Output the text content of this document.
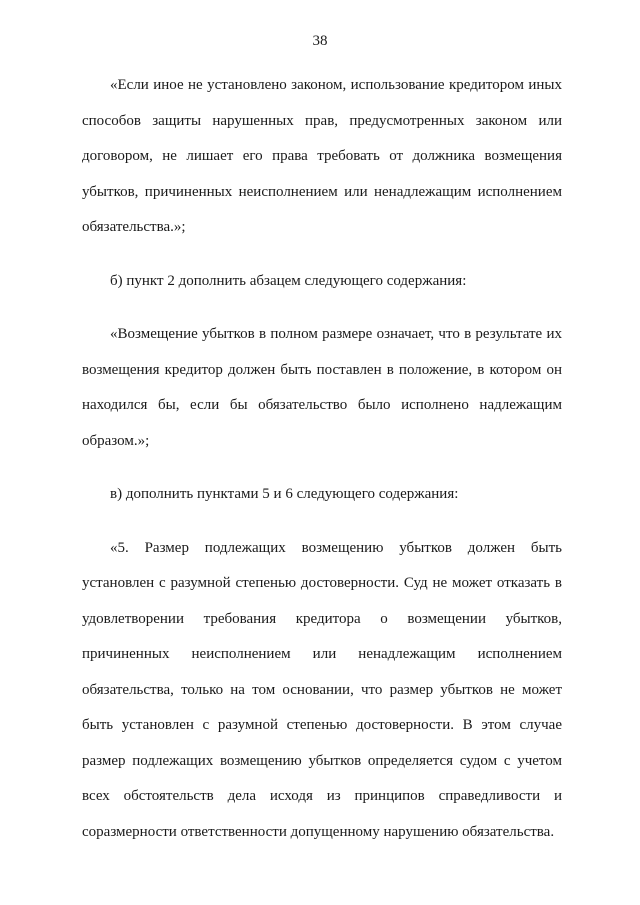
38

«Если иное не установлено законом, использование кредитором иных способов защиты нарушенных прав, предусмотренных законом или договором, не лишает его права требовать от должника возмещения убытков, причиненных неисполнением или ненадлежащим исполнением обязательства.»;

б) пункт 2 дополнить абзацем следующего содержания:

«Возмещение убытков в полном размере означает, что в результате их возмещения кредитор должен быть поставлен в положение, в котором он находился бы, если бы обязательство было исполнено надлежащим образом.»;

в) дополнить пунктами 5 и 6 следующего содержания:

«5. Размер подлежащих возмещению убытков должен быть установлен с разумной степенью достоверности. Суд не может отказать в удовлетворении требования кредитора о возмещении убытков, причиненных неисполнением или ненадлежащим исполнением обязательства, только на том основании, что размер убытков не может быть установлен с разумной степенью достоверности. В этом случае размер подлежащих возмещению убытков определяется судом с учетом всех обстоятельств дела исходя из принципов справедливости и соразмерности ответственности допущенному нарушению обязательства.
